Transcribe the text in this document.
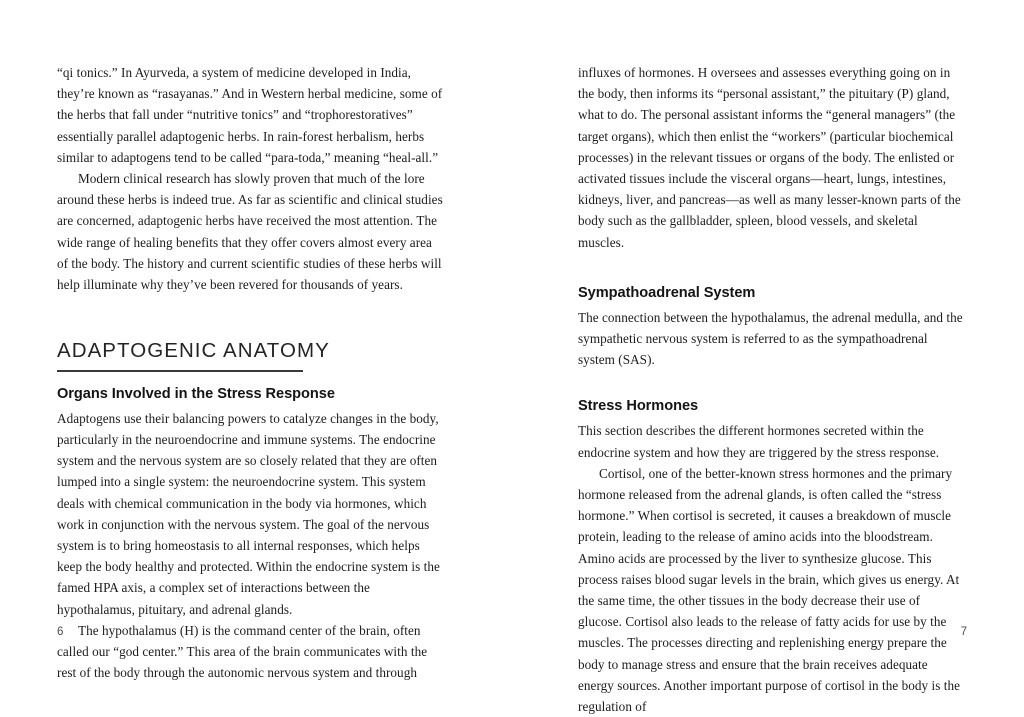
“qi tonics.” In Ayurveda, a system of medicine developed in India, they’re known as “rasayanas.” And in Western herbal medicine, some of the herbs that fall under “nutritive tonics” and “trophorestoratives” essentially parallel adaptogenic herbs. In rain-forest herbalism, herbs similar to adaptogens tend to be called “para-toda,” meaning “heal-all.”

Modern clinical research has slowly proven that much of the lore around these herbs is indeed true. As far as scientific and clinical studies are concerned, adaptogenic herbs have received the most attention. The wide range of healing benefits that they offer covers almost every area of the body. The history and current scientific studies of these herbs will help illuminate why they’ve been revered for thousands of years.

ADAPTOGENIC ANATOMY
Organs Involved in the Stress Response

Adaptogens use their balancing powers to catalyze changes in the body, particularly in the neuroendocrine and immune systems. The endocrine system and the nervous system are so closely related that they are often lumped into a single system: the neuroendocrine system. This system deals with chemical communication in the body via hormones, which work in conjunction with the nervous system. The goal of the nervous system is to bring homeostasis to all internal responses, which helps keep the body healthy and protected. Within the endocrine system is the famed HPA axis, a complex set of interactions between the hypothalamus, pituitary, and adrenal glands.

The hypothalamus (H) is the command center of the brain, often called our “god center.” This area of the brain communicates with the rest of the body through the autonomic nervous system and through

6

influxes of hormones. H oversees and assesses everything going on in the body, then informs its “personal assistant,” the pituitary (P) gland, what to do. The personal assistant informs the “general managers” (the target organs), which then enlist the “workers” (particular biochemical processes) in the relevant tissues or organs of the body. The enlisted or activated tissues include the visceral organs—heart, lungs, intestines, kidneys, liver, and pancreas—as well as many lesser-known parts of the body such as the gallbladder, spleen, blood vessels, and skeletal muscles.

Sympathoadrenal System

The connection between the hypothalamus, the adrenal medulla, and the sympathetic nervous system is referred to as the sympathoadrenal system (SAS).

Stress Hormones

This section describes the different hormones secreted within the endocrine system and how they are triggered by the stress response.

Cortisol, one of the better-known stress hormones and the primary hormone released from the adrenal glands, is often called the “stress hormone.” When cortisol is secreted, it causes a breakdown of muscle protein, leading to the release of amino acids into the bloodstream. Amino acids are processed by the liver to synthesize glucose. This process raises blood sugar levels in the brain, which gives us energy. At the same time, the other tissues in the body decrease their use of glucose. Cortisol also leads to the release of fatty acids for use by the muscles. The processes directing and replenishing energy prepare the body to manage stress and ensure that the brain receives adequate energy sources. Another important purpose of cortisol in the body is the regulation of

7
